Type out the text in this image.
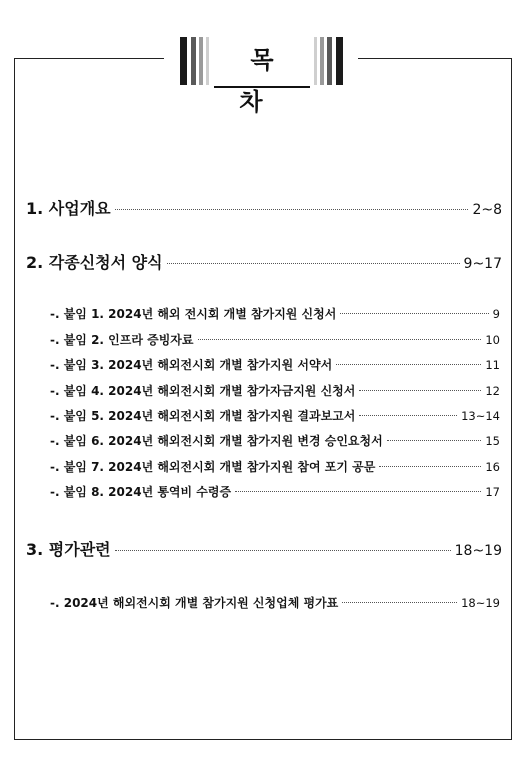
목차
1. 사업개요	2~8
2. 각종신청서 양식	9~17
-. 붙임 1. 2024년 해외 전시회 개별 참가지원 신청서	9
-. 붙임 2. 인프라 증빙자료	10
-. 붙임 3. 2024년 해외전시회 개별 참가지원 서약서	11
-. 붙임 4. 2024년 해외전시회 개별 참가자금지원 신청서	12
-. 붙임 5. 2024년 해외전시회 개별 참가지원 결과보고서	13~14
-. 붙임 6. 2024년 해외전시회 개별 참가지원 변경 승인요청서	15
-. 붙임 7. 2024년 해외전시회 개별 참가지원 참여 포기 공문	16
-. 붙임 8. 2024년 통역비 수령증	17
3. 평가관련	18~19
-. 2024년 해외전시회 개별 참가지원 신청업체 평가표	18~19
